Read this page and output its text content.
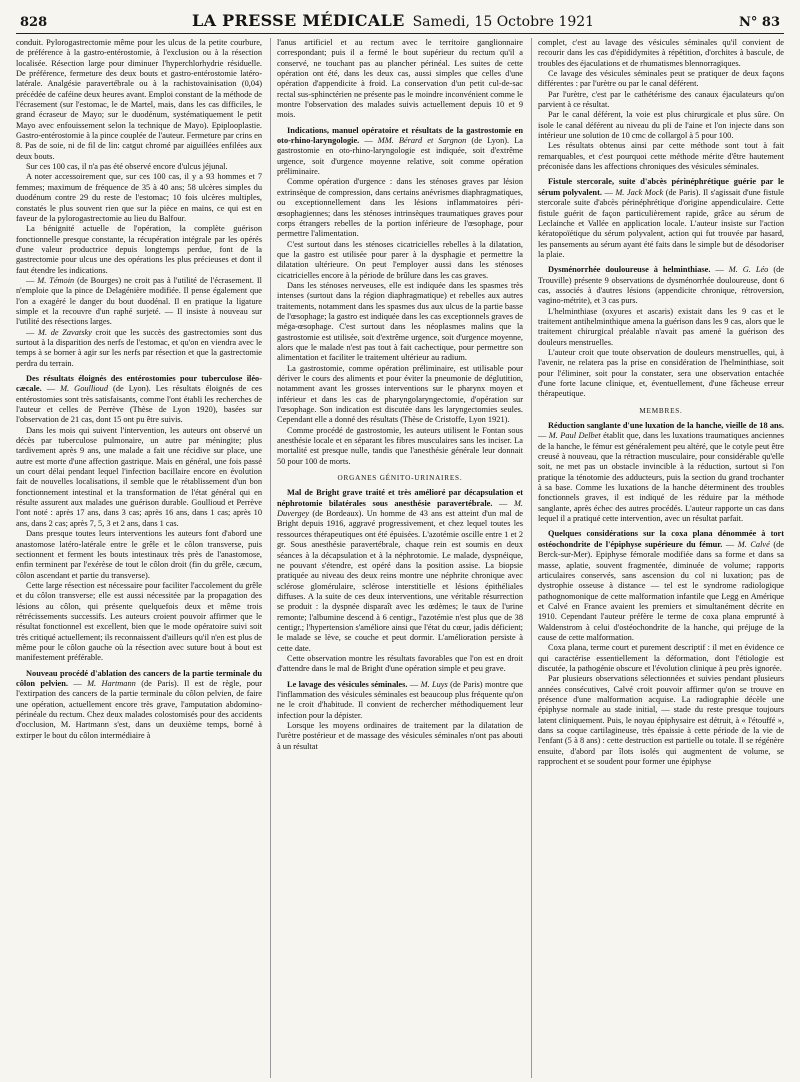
828	LA PRESSE MÉDICALE Samedi, 15 Octobre 1921	N° 83

conduit. Pylorogastrectomie même pour les ulcus de la petite courbure, de préférence à la gastro-entérostomie, à l'exclusion ou à la résection localisée. Résection large pour diminuer l'hyperchlorhydrie résiduelle. De préférence, fermeture des deux bouts et gastro-entérostomie latéro-latérale. Analgésie paravertébrale ou à la rachistovainisation (0,04) précédée de caféine deux heures avant. Emploi constant de la méthode de l'écrasement (sur l'estomac, le de Martel, mais, dans les cas difficiles, le grand écraseur de Mayo; sur le duodénum, systématiquement le petit Mayo avec enfouissement selon la technique de Mayo). Epiplooplastie. Gastro-entérostomie à la pince couplée de l'auteur. Fermeture par crins en 8. Pas de soie, ni de fil de lin: catgut chromé par aiguillées enfilées aux deux bouts.

Sur ces 100 cas, il n'a pas été observé encore d'ulcus jéjunal.

A noter accessoirement que, sur ces 100 cas, il y a 93 hommes et 7 femmes; maximum de fréquence de 35 à 40 ans; 58 ulcères simples du duodénum contre 29 du reste de l'estomac; 10 fois ulcères multiples, constatés le plus souvent rien que sur la pièce en mains, ce qui est en faveur de la pylorogastrectomie au lieu du Balfour.

La bénignité actuelle de l'opération, la complète guérison fonctionnelle presque constante, la récupération intégrale par les opérés d'une valeur productrice depuis longtemps perdue, font de la gastrectomie pour ulcus une des opérations les plus précieuses et dont il faut étendre les indications.

— M. Témoin (de Bourges) ne croit pas à l'utilité de l'écrasement. Il n'emploie que la pince de Delagénière modifiée. Il pense également que l'on a exagéré le danger du bout duodénal. Il en pratique la ligature simple et la recouvre d'un raphé surjeté. — Il insiste à nouveau sur l'utilité des résections larges.

— M. de Zavatsky croit que les succès des gastrectomies sont dus surtout à la disparition des nerfs de l'estomac, et qu'on en viendra avec le temps à se borner à agir sur les nerfs par résection et que la gastrectomie perdra du terrain.

Des résultats éloignés des entérostomies pour tuberculose iléo-cæcale. — M. Goullioud (de Lyon). Les résultats éloignés de ces entérostomies sont très satisfaisants, comme l'ont établi les recherches de l'auteur et celles de Perrève (Thèse de Lyon 1920), basées sur l'observation de 21 cas, dont 15 ont pu être suivis.

Dans les mois qui suivent l'intervention, les auteurs ont observé un décès par tuberculose pulmonaire, un autre par méningite; plus tardivement après 9 ans, une malade a fait une récidive sur place, une autre est morte d'une affection gastrique. Mais en général, une fois passé un court délai pendant lequel l'infection bacillaire encore en évolution fait de nouvelles localisations, il semble que le rétablissement d'un bon fonctionnement intestinal et la transformation de l'état général qui en résulte assurent aux malades une guérison durable. Goullioud et Perrève l'ont noté : après 17 ans, dans 3 cas; après 16 ans, dans 1 cas; après 10 ans, dans 2 cas; après 7, 5, 3 et 2 ans, dans 1 cas.

Dans presque toutes leurs interventions les auteurs font d'abord une anastomose latéro-latérale entre le grêle et le côlon transverse, puis sectionnent et ferment les bouts intestinaux très près de l'anastomose, enfin terminent par l'exérèse de tout le côlon droit (fin du grêle, cæcum, côlon ascendant et partie du transverse).

Cette large résection est nécessaire pour faciliter l'accolement du grêle et du côlon transverse; elle est aussi nécessitée par la propagation des lésions au côlon, qui présente quelquefois deux et même trois rétrécissements successifs. Les auteurs croient pouvoir affirmer que le résultat fonctionnel est excellent, bien que le mode opératoire suivi soit très critiqué actuellement; ils reconnaissent d'ailleurs qu'il n'en est plus de même pour le côlon gauche où la résection avec suture bout à bout est manifestement préférable.

Nouveau procédé d'ablation des cancers de la partie terminale du côlon pelvien. — M. Hartmann (de Paris). Il est de règle, pour l'extirpation des cancers de la partie terminale du côlon pelvien, de faire une opération, actuellement encore très grave, l'amputation abdomino-périnéale du rectum. Chez deux malades colostomisés pour des accidents d'occlusion, M. Hartmann s'est, dans un deuxième temps, borné à extirper le bout du côlon intermédiaire à

l'anus artificiel et au rectum avec le territoire ganglionnaire correspondant; puis il a fermé le bout supérieur du rectum qu'il a conservé, ne touchant pas au plancher périnéal. Les suites de cette opération ont été, dans les deux cas, aussi simples que celles d'une opération d'appendicite à froid. La conservation d'un petit cul-de-sac rectal sus-sphinctérien ne présente pas le moindre inconvénient comme le montre l'observation des malades suivis actuellement depuis 10 et 9 mois.

Indications, manuel opératoire et résultats de la gastrostomie en oto-rhino-laryngologie. — MM. Bérard et Sargnon (de Lyon). La gastrostomie en oto-rhino-laryngologie est indiquée, soit d'extrême urgence, soit d'urgence moyenne relative, soit comme opération préliminaire.

Comme opération d'urgence : dans les sténoses graves par lésion extrinsèque de compression, dans certains anévrismes diaphragmatiques, ou exceptionnellement dans les lésions inflammatoires péri-œsophagiennes; dans les sténoses intrinsèques traumatiques graves pour corps étrangers rebelles de la portion inférieure de l'œsophage, pour permettre l'alimentation.

C'est surtout dans les sténoses cicatricielles rebelles à la dilatation, que la gastro est utilisée pour parer à la dysphagie et permettre la dilatation ultérieure. On peut l'employer aussi dans les sténoses cicatricielles encore à la période de brûlure dans les cas graves.

Dans les sténoses nerveuses, elle est indiquée dans les spasmes très intenses (surtout dans la région diaphragmatique) et rebelles aux autres traitements, notamment dans les spasmes dus aux ulcus de la partie basse de l'œsophage; la gastro est indiquée dans les cas exceptionnels graves de méga-œsophage. C'est surtout dans les néoplasmes malins que la gastrostomie est utilisée, soit d'extrême urgence, soit d'urgence moyenne, alors que le malade n'est pas tout à fait cachectique, pour permettre son alimentation et faciliter le traitement ultérieur au radium.

La gastrostomie, comme opération préliminaire, est utilisable pour dériver le cours des aliments et pour éviter la pneumonie de déglutition, notamment avant les grosses interventions sur le pharynx moyen et inférieur et dans les cas de pharyngolaryngectomie, d'opération sur l'œsophage. Son indication est discutée dans les laryngectomies seules. Cependant elle a donné des résultats (Thèse de Cristoffe, Lyon 1921).

Comme procédé de gastrostomie, les auteurs utilisent le Fontan sous anesthésie locale et en séparant les fibres musculaires sans les inciser. La mortalité est presque nulle, tandis que l'anesthésie générale leur donnait 50 pour 100 de morts.

ORGANES GÉNITO-URINAIRES.

Mal de Bright grave traité et très amélioré par décapsulation et néphrotomie bilatérales sous anesthésie paravertébrale. — M. Duvergey (de Bordeaux). Un homme de 43 ans est atteint d'un mal de Bright depuis 1916, aggravé progressivement, et chez lequel toutes les ressources thérapeutiques ont été épuisées. L'azotémie oscille entre 1 et 2 gr. Sous anesthésie paravertébrale, chaque rein est soumis en deux séances à la décapsulation et à la néphrotomie. Le malade, dyspnéique, ne pouvant s'étendre, est opéré dans la position assise. La biopsie pratiquée au niveau des deux reins montre une néphrite chronique avec sclérose glomérulaire, sclérose interstitielle et lésions épithéliales diffuses. A la suite de ces deux interventions, une véritable résurrection se produit : la dyspnée disparaît avec les œdèmes; le taux de l'urine remonte; l'albumine descend à 6 centigr., l'azotémie n'est plus que de 38 centigr.; l'hypertension s'améliore ainsi que l'état du cœur, jadis déficient; le malade se lève, se couche et peut dormir. L'amélioration persiste à cette date.

Cette observation montre les résultats favorables que l'on est en droit d'attendre dans le mal de Bright d'une opération simple et peu grave.

Le lavage des vésicules séminales. — M. Luys (de Paris) montre que l'inflammation des vésicules séminales est beaucoup plus fréquente qu'on ne le croit d'habitude. Il convient de rechercher méthodiquement leur infection pour la dépister.

Lorsque les moyens ordinaires de traitement par la dilatation de l'urètre postérieur et de massage des vésicules séminales n'ont pas abouti à un résultat

complet, c'est au lavage des vésicules séminales qu'il convient de recourir dans les cas d'épididymites à répétition, d'orchites à bascule, de troubles des éjaculations et de rhumatismes blennorragiques.

Ce lavage des vésicules séminales peut se pratiquer de deux façons différentes : par l'urètre ou par le canal déférent.

Par l'urètre, c'est par le cathétérisme des canaux éjaculateurs qu'on parvient à ce résultat.

Par le canal déférent, la voie est plus chirurgicale et plus sûre. On isole le canal déférent au niveau du pli de l'aine et l'on injecte dans son intérieur une solution de 10 cmc de collargol à 5 pour 100.

Les résultats obtenus ainsi par cette méthode sont tout à fait remarquables, et c'est pourquoi cette méthode mérite d'être hautement préconisée dans les affections chroniques des vésicules séminales.

Fistule stercorale, suite d'abcès périnéphrétique guérie par le sérum polyvalent. — M. Jack Mock (de Paris). Il s'agissait d'une fistule stercorale suite d'abcès périnéphrétique d'origine appendiculaire. Cette fistule guérit de façon particulièrement rapide, grâce au sérum de Leclainche et Vallée en application locale. L'auteur insiste sur l'action kératopoïétique du sérum polyvalent, action qui fut trouvée par hasard, les pansements au sérum ayant été faits dans le simple but de désodoriser la plaie.

Dysménorrhée douloureuse à helminthiase. — M. G. Léo (de Trouville) présente 9 observations de dysménorrhée douloureuse, dont 6 cas, associés à d'autres lésions (appendicite chronique, rétroversion, vagino-métrite), et 3 cas purs.

L'helminthiase (oxyures et ascaris) existait dans les 9 cas et le traitement antihelminthique amena la guérison dans les 9 cas, alors que le traitement chirurgical préalable n'avait pas amené la guérison des douleurs menstruelles.

L'auteur croit que toute observation de douleurs menstruelles, qui, à l'avenir, ne relatera pas la prise en considération de l'helminthiase, soit pour l'éliminer, soit pour la constater, sera une observation entachée d'une forte lacune clinique, et, éventuellement, d'une fâcheuse erreur thérapeutique.

MEMBRES.

Réduction sanglante d'une luxation de la hanche, vieille de 18 ans. — M. Paul Delbet établit que, dans les luxations traumatiques anciennes de la hanche, le fémur est généralement peu altéré, que le cotyle peut être creusé à nouveau, que la rétraction musculaire, pour considérable qu'elle soit, ne met pas un obstacle invincible à la réduction, surtout si l'on pratique la ténotomie des adducteurs, puis la section du grand trochanter à sa base. Comme les luxations de la hanche déterminent des troubles fonctionnels graves, il est indiqué de les réduire par la méthode sanglante, après échec des autres procédés. L'auteur rapporte un cas dans lequel il a pratiqué cette intervention, avec un résultat parfait.

Quelques considérations sur la coxa plana dénommée à tort ostéochondrite de l'épiphyse supérieure du fémur. — M. Calvé (de Berck-sur-Mer). Epiphyse fémorale modifiée dans sa forme et dans sa masse, aplatie, souvent fragmentée, diminuée de volume; rapports articulaires conservés, sans ascension du col ni luxation; pas de dystrophie osseuse à distance — tel est le syndrome radiologique pathognomonique de cette malformation infantile que Legg en Amérique et Calvé en France avaient les premiers et simultanément décrite en 1910. Cependant l'auteur préfère le terme de coxa plana emprunté à Waldenstrom à celui d'ostéochondrite de la hanche, qui préjuge de la cause de cette malformation.

Coxa plana, terme court et purement descriptif : il met en évidence ce qui caractérise essentiellement la déformation, dont l'étiologie est discutée, la pathogénie obscure et l'évolution clinique à peu près ignorée.

Par plusieurs observations sélectionnées et suivies pendant plusieurs années consécutives, Calvé croit pouvoir affirmer qu'on se trouve en présence d'une malformation acquise. La radiographie décèle une épiphyse normale au stade initial, — stade du reste presque toujours latent cliniquement. Puis, le noyau épiphysaire est détruit, à « l'étouffé », dans sa coque cartilagineuse, très épaissie à cette période de la vie de l'enfant (5 à 8 ans) : cette destruction est partielle ou totale. Il se régénère ensuite, d'abord par îlots isolés qui augmentent de volume, se rapprochent et se soudent pour former une épiphyse
